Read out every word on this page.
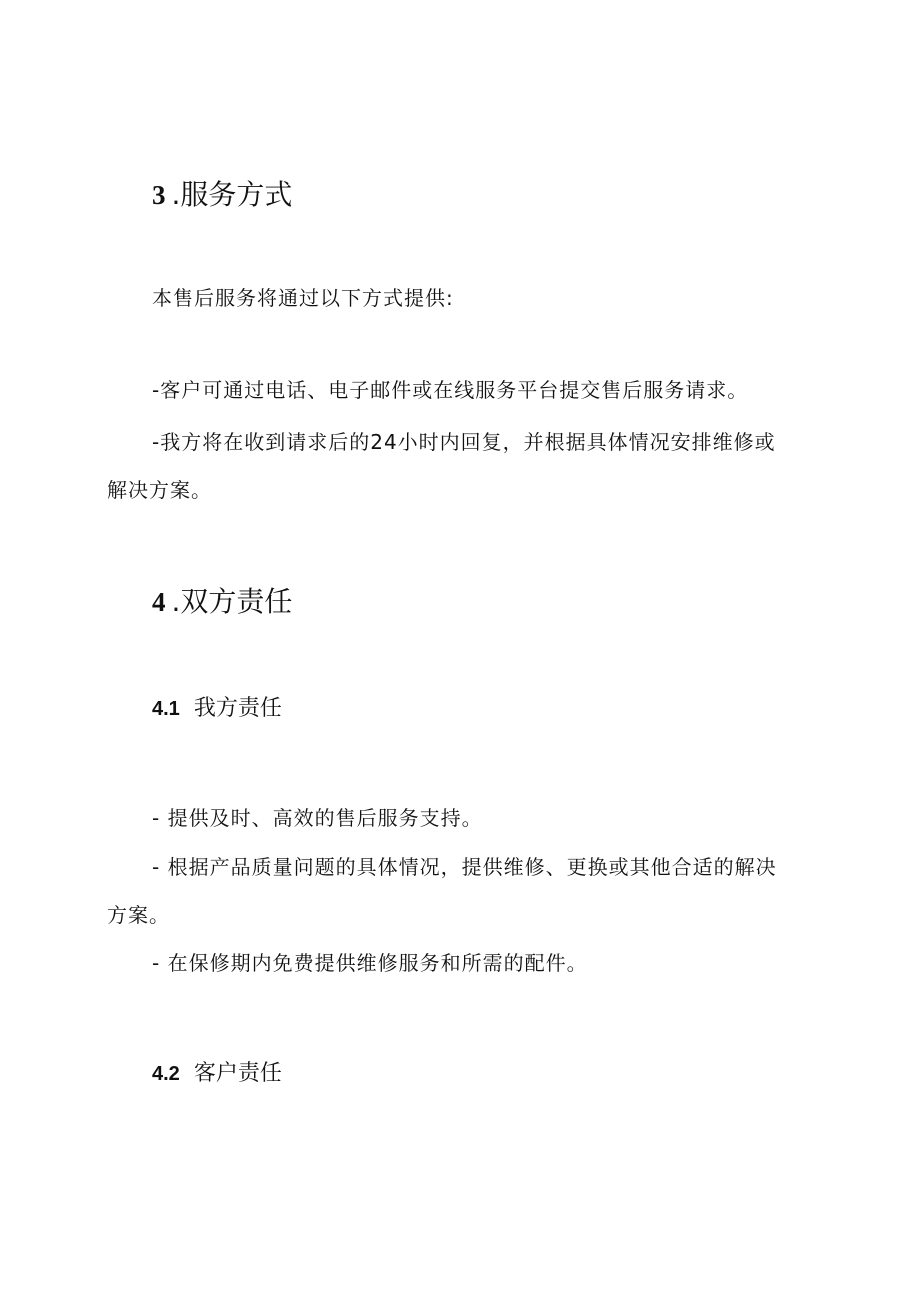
3 .服务方式
本售后服务将通过以下方式提供:
-客户可通过电话、电子邮件或在线服务平台提交售后服务请求。
-我方将在收到请求后的24小时内回复，并根据具体情况安排维修或
解决方案。
4 .双方责任
4.1 我方责任
- 提供及时、高效的售后服务支持。
- 根据产品质量问题的具体情况，提供维修、更换或其他合适的解决
方案。
- 在保修期内免费提供维修服务和所需的配件。
4.2 客户责任
